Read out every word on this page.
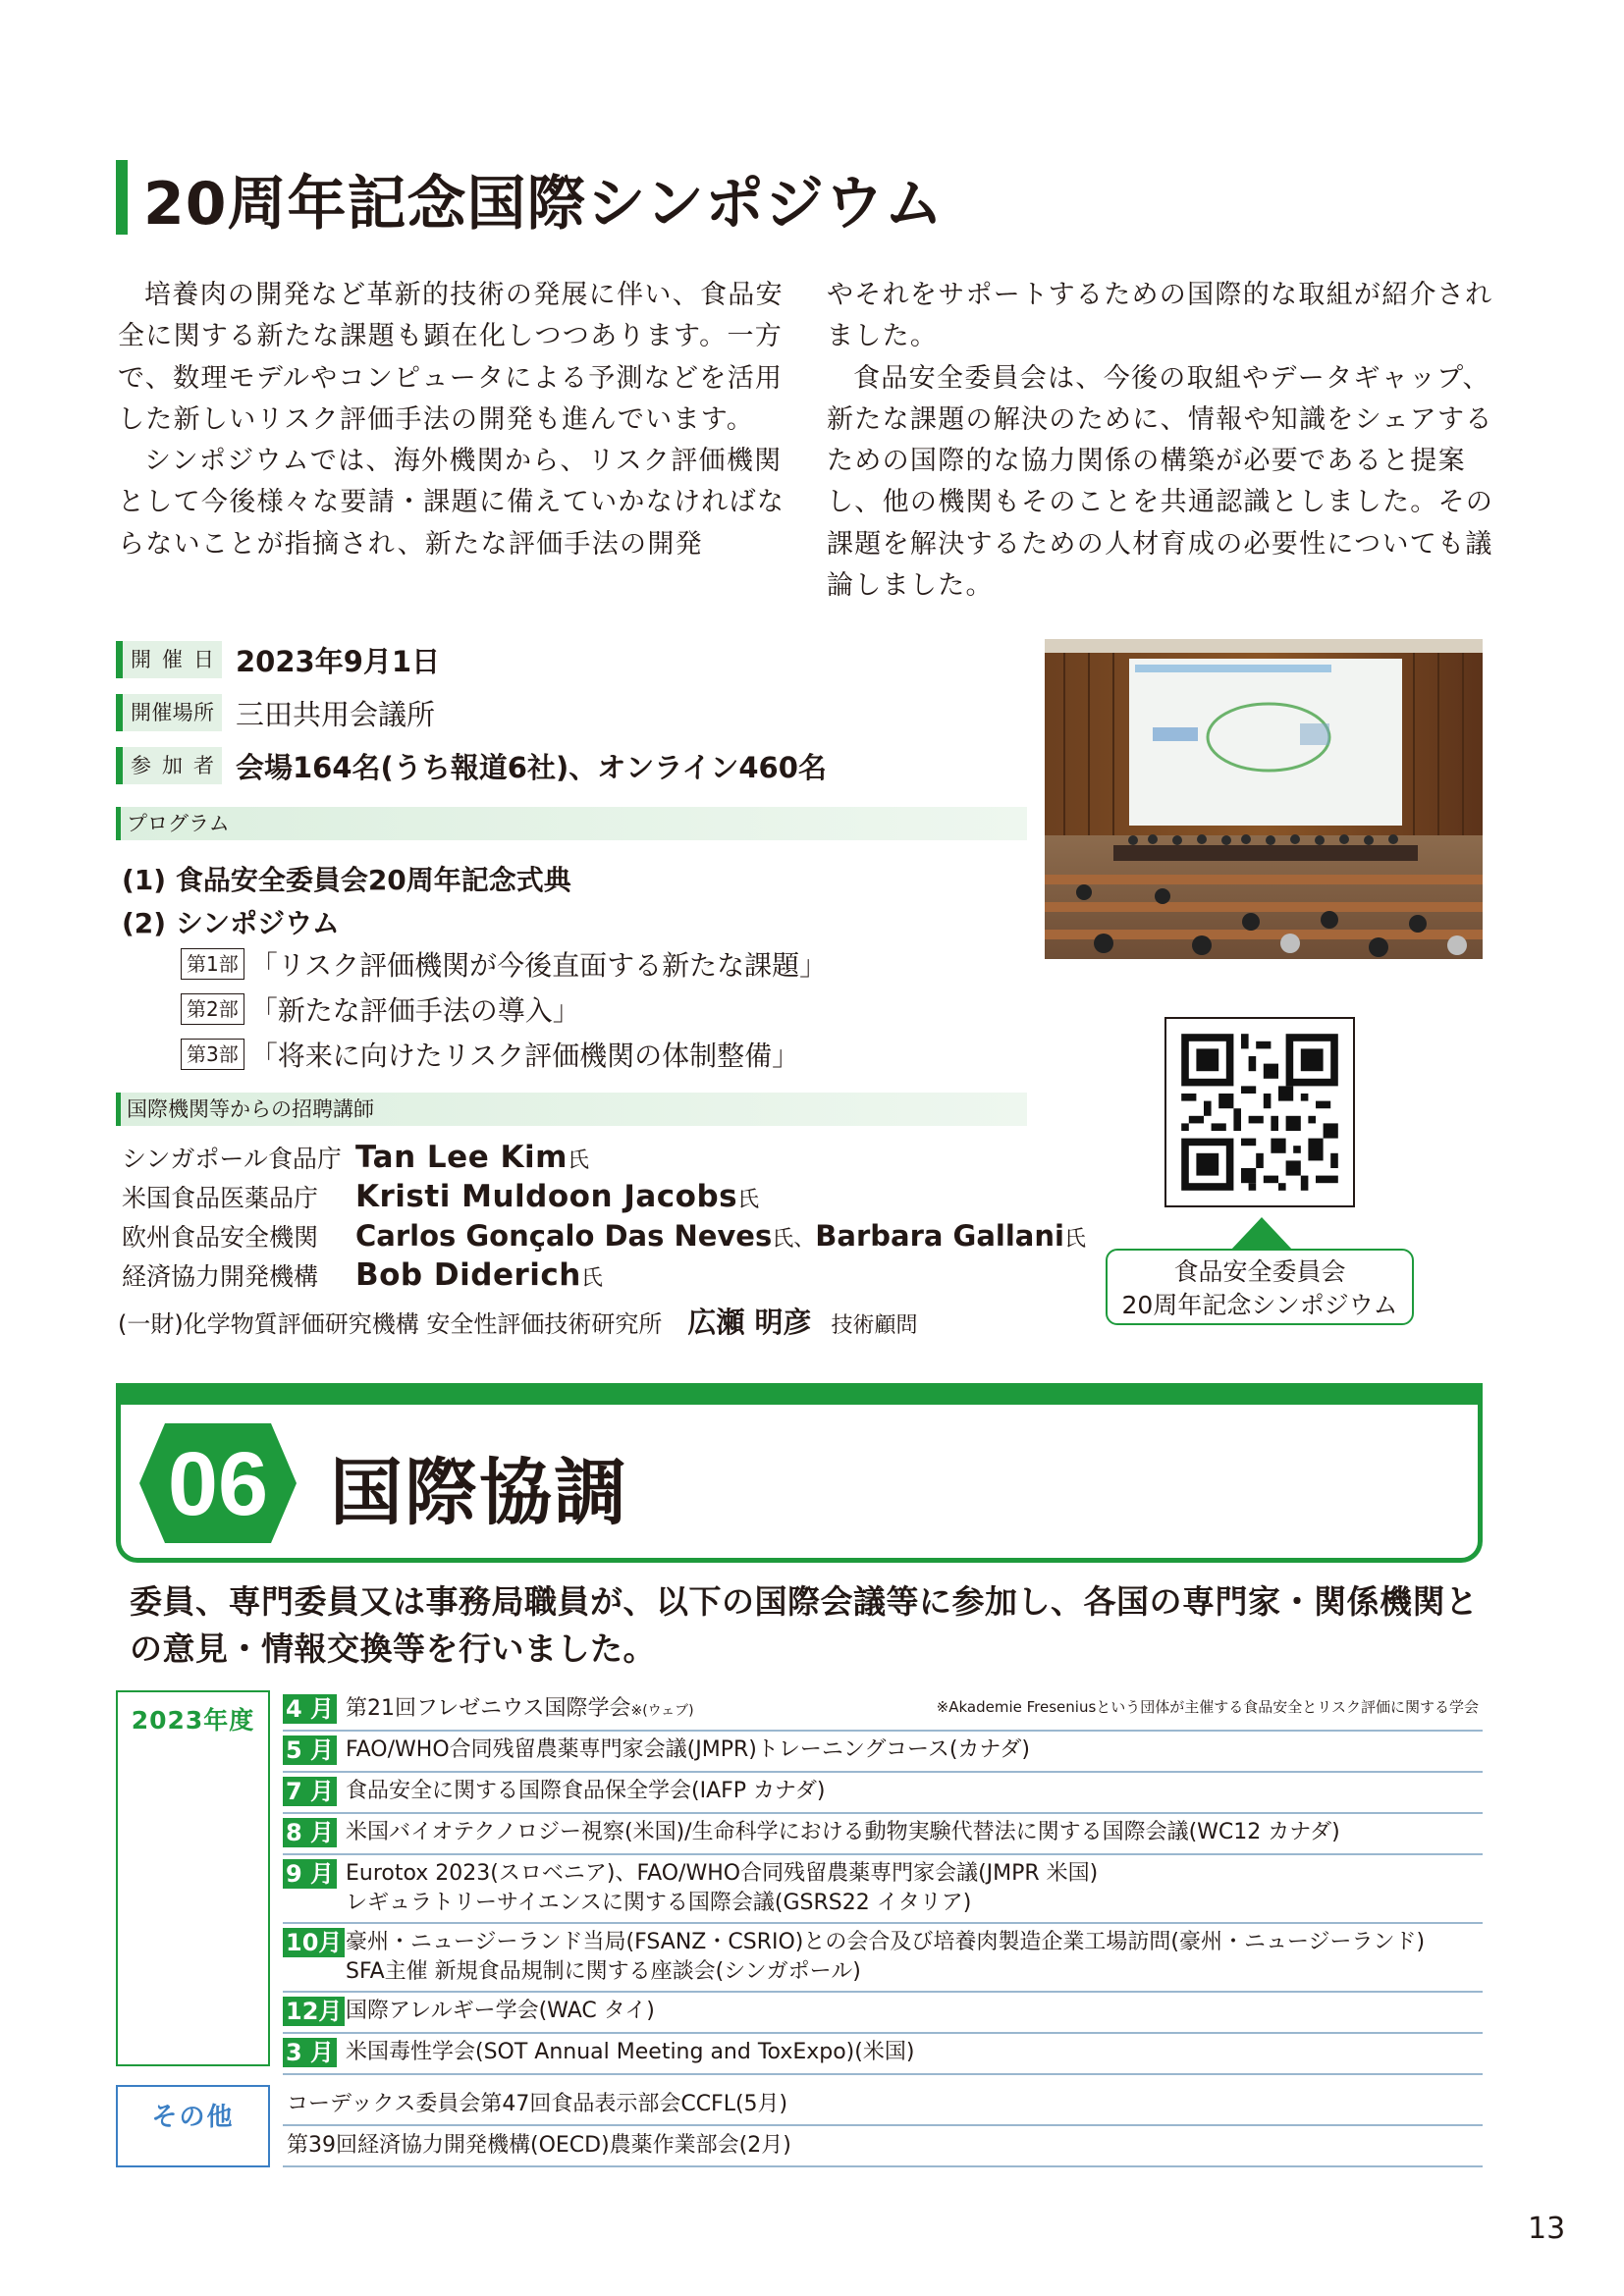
20周年記念国際シンポジウム

培養肉の開発など革新的技術の発展に伴い、食品安全に関する新たな課題も顕在化しつつあります。一方で、数理モデルやコンピュータによる予測などを活用した新しいリスク評価手法の開発も進んでいます。

シンポジウムでは、海外機関から、リスク評価機関として今後様々な要請・課題に備えていかなければならないことが指摘され、新たな評価手法の開発

やそれをサポートするための国際的な取組が紹介されました。

食品安全委員会は、今後の取組やデータギャップ、新たな課題の解決のために、情報や知識をシェアするための国際的な協力関係の構築が必要であると提案し、他の機関もそのことを共通認識としました。その課題を解決するための人材育成の必要性についても議論しました。

開催日 2023年9月1日
開催場所 三田共用会議所
参加者 会場164名(うち報道6社)、オンライン460名
プログラム
(1) 食品安全委員会20周年記念式典
(2) シンポジウム
第1部 「リスク評価機関が今後直面する新たな課題」
第2部 「新たな評価手法の導入」
第3部 「将来に向けたリスク評価機関の体制整備」
国際機関等からの招聘講師
シンガポール食品庁 Tan Lee Kim 氏
米国食品医薬品庁	Kristi Muldoon Jacobs 氏
欧州食品安全機関	Carlos Gonçalo Das Neves 氏、 Barbara Gallani 氏
経済協力開発機構	Bob Diderich 氏
(一財)化学物質評価研究機構 安全性評価技術研究所 広瀬 明彦 技術顧問
食品安全委員会
20周年記念シンポジウム
06 国際協調
委員、専門委員又は事務局職員が、以下の国際会議等に参加し、各国の専門家・関係機関との意見・情報交換等を行いました。
2023年度	4 月 第21回フレゼニウス国際学会※(ウェブ)	※Akademie Freseniusという団体が主催する食品安全とリスク評価に関する学会
5 月 FAO/WHO合同残留農薬専門家会議(JMPR)トレーニングコース(カナダ)
7 月 食品安全に関する国際食品保全学会(IAFP カナダ)
8 月 米国バイオテクノロジー視察(米国)/生命科学における動物実験代替法に関する国際会議(WC12 カナダ)
9 月 Eurotox 2023(スロベニア)、FAO/WHO合同残留農薬専門家会議(JMPR 米国)
レギュラトリーサイエンスに関する国際会議(GSRS22 イタリア)
10月 豪州・ニュージーランド当局(FSANZ・CSRIO)との会合及び培養肉製造企業工場訪問(豪州・ニュージーランド)
SFA主催 新規食品規制に関する座談会(シンガポール)
12月 国際アレルギー学会(WAC タイ)
3 月 米国毒性学会(SOT Annual Meeting and ToxExpo)(米国)
その他	コーデックス委員会第47回食品表示部会CCFL(5月)
第39回経済協力開発機構(OECD)農薬作業部会(2月)
13
